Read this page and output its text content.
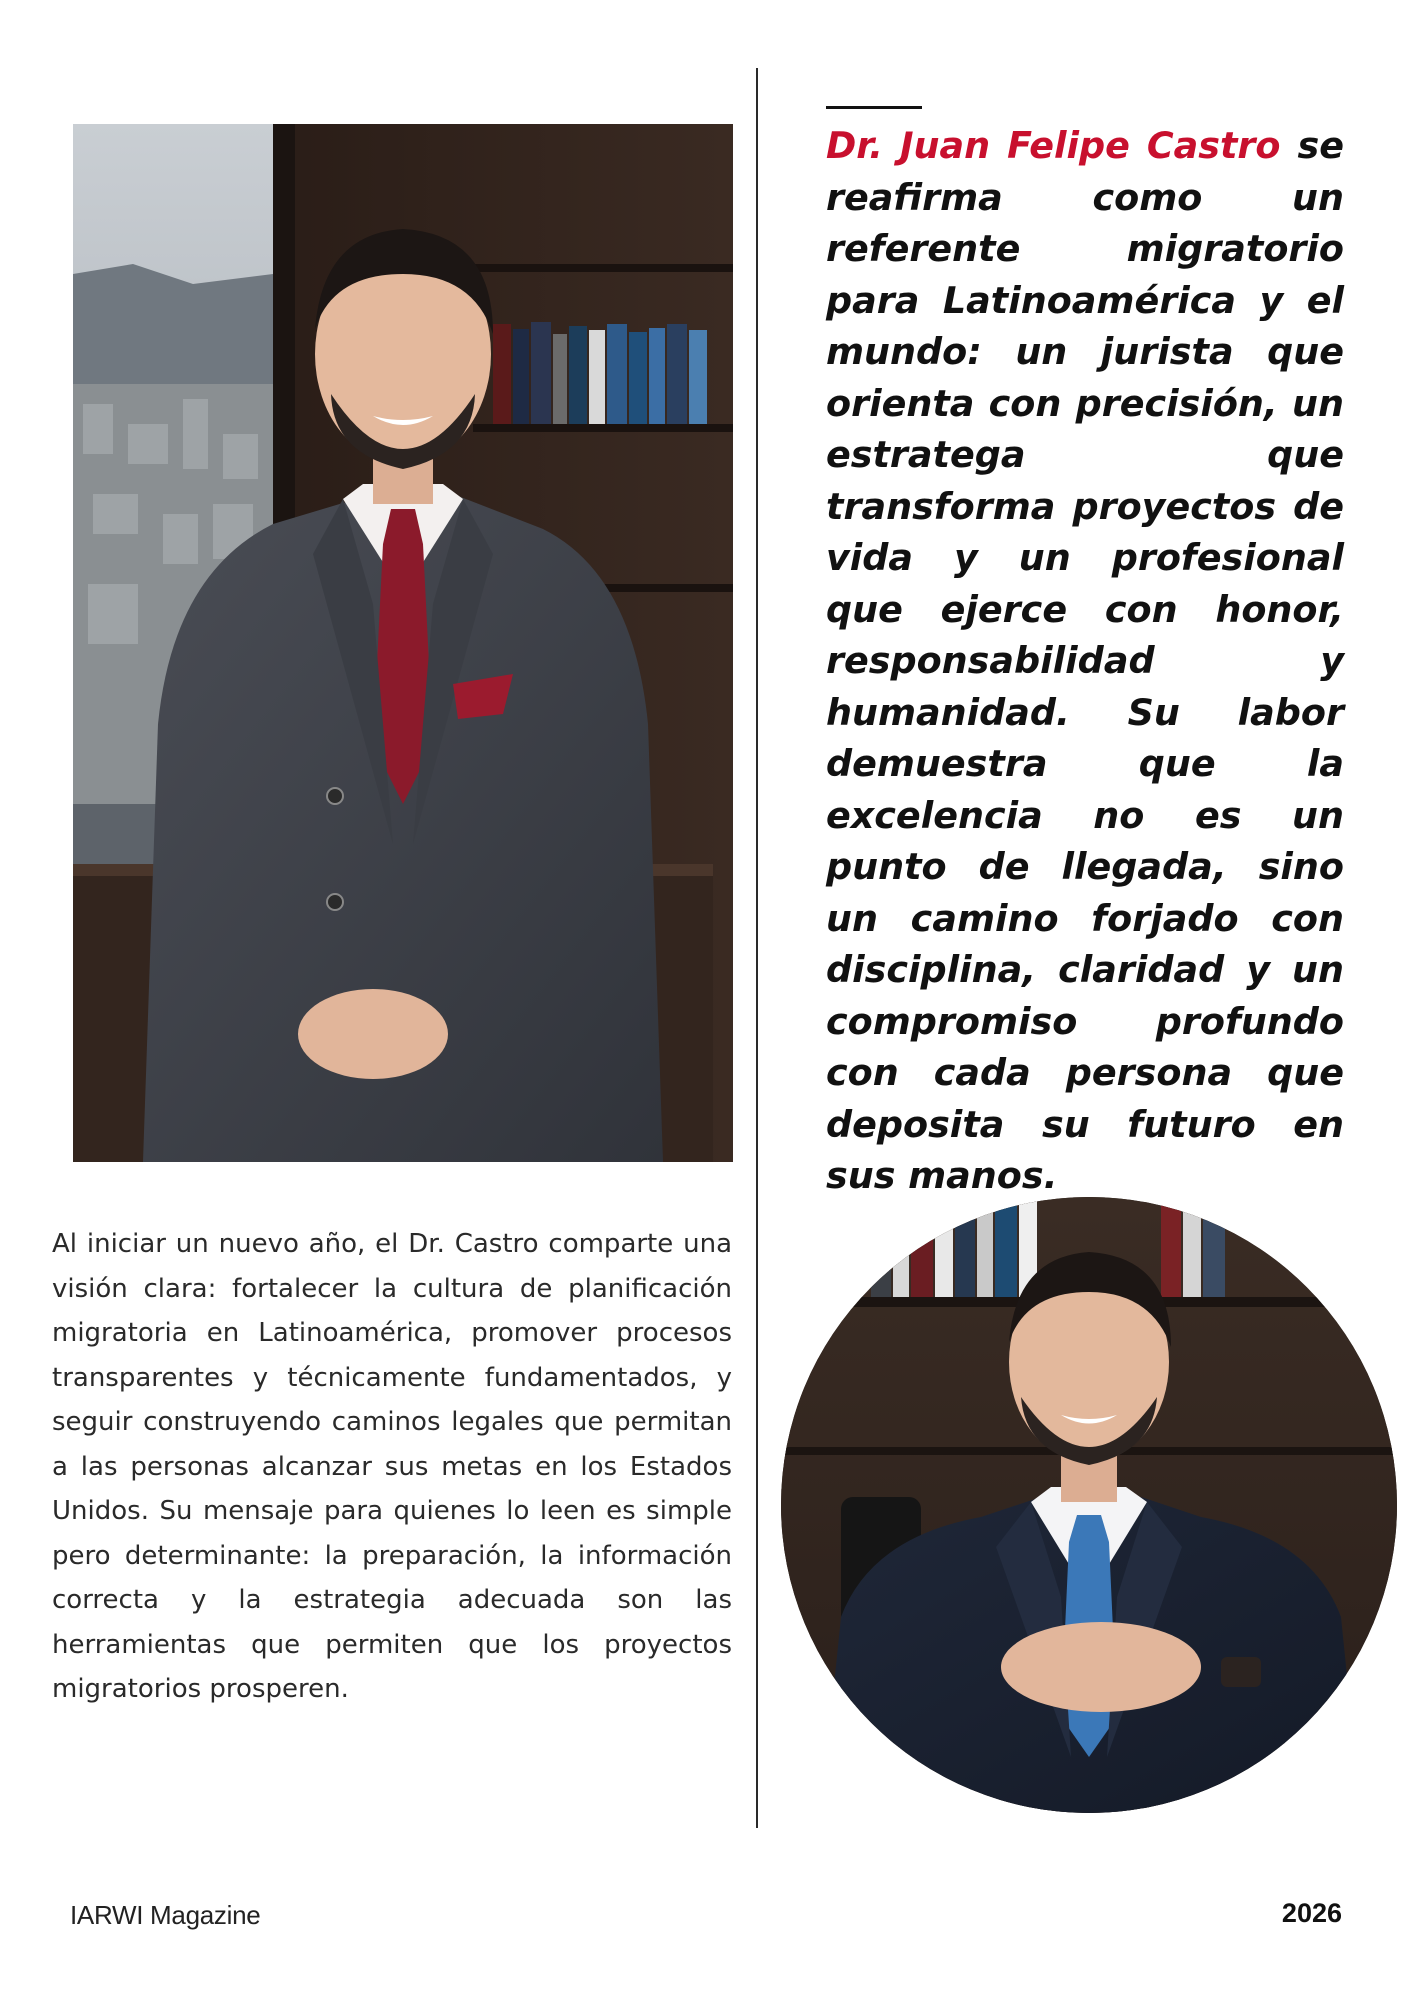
Dr. Juan Felipe Castro se reafirma como un referente migratorio para Latinoamérica y el mundo: un jurista que orienta con precisión, un estratega que transforma proyectos de vida y un profesional que ejerce con honor, responsabilidad y humanidad. Su labor demuestra que la excelencia no es un punto de llegada, sino un camino forjado con disciplina, claridad y un compromiso profundo con cada persona que deposita su futuro en sus manos.

Al iniciar un nuevo año, el Dr. Castro comparte una visión clara: fortalecer la cultura de planificación migratoria en Latinoamérica, promover procesos transparentes y técnicamente fundamentados, y seguir construyendo caminos legales que permitan a las personas alcanzar sus metas en los Estados Unidos. Su mensaje para quienes lo leen es simple pero determinante: la preparación, la información correcta y la estrategia adecuada son las herramientas que permiten que los proyectos migratorios prosperen.

IARWI Magazine	2026
